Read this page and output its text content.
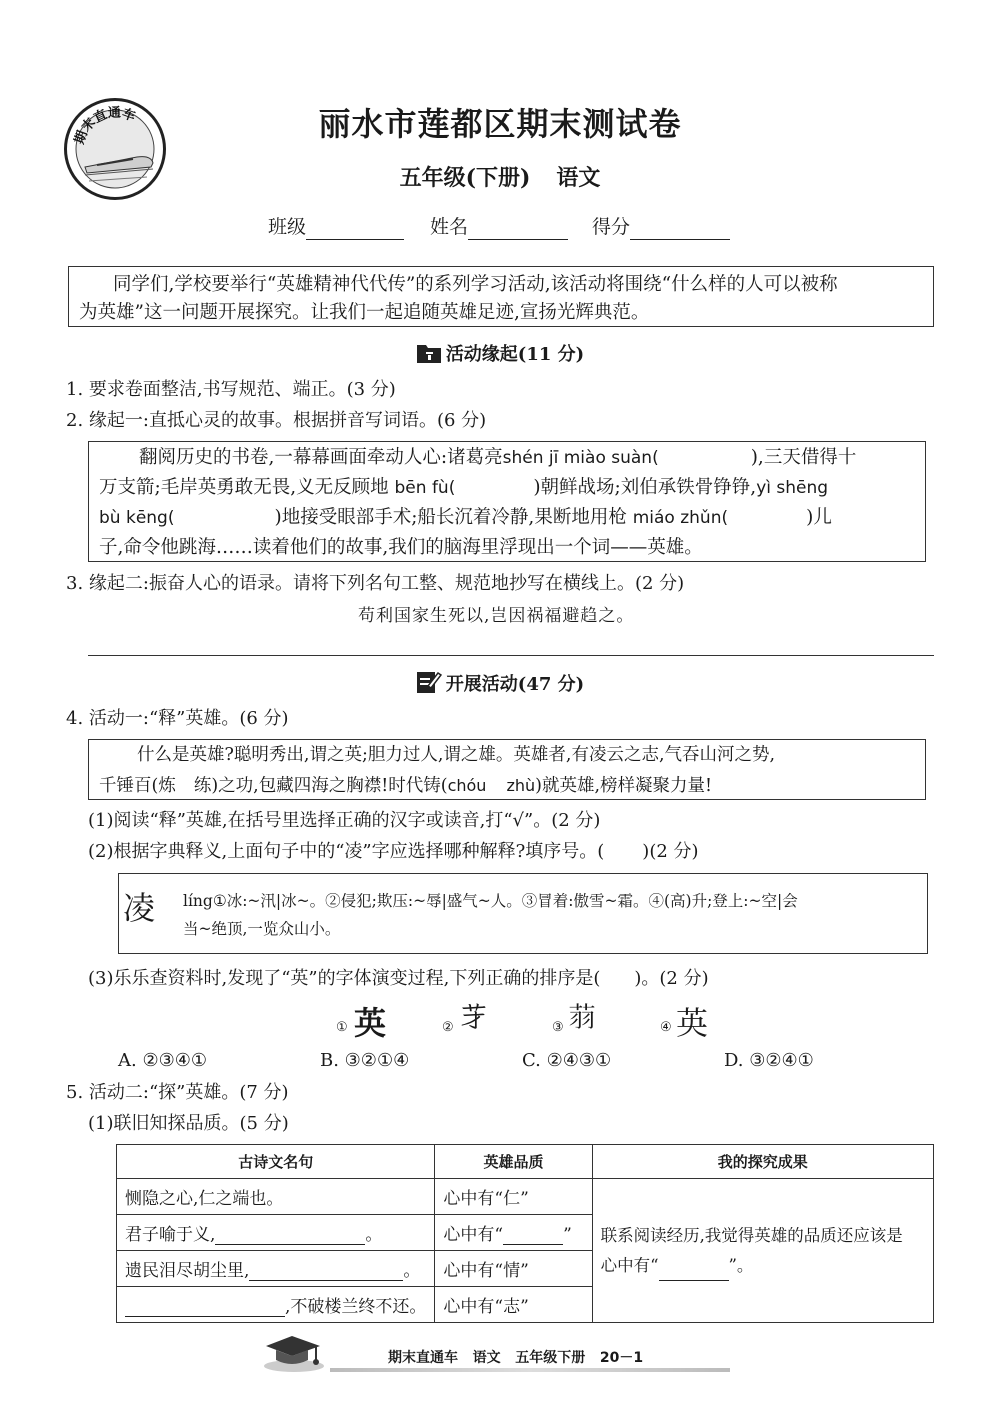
期末直通车	丽水市莲都区期末测试卷
五年级(下册) 语文
班级	姓名	得分
同学们,学校要举行“英雄精神代代传”的系列学习活动,该活动将围绕“什么样的人可以被称
为英雄”这一问题开展探究。让我们一起追随英雄足迹,宣扬光辉典范。
活动缘起(11 分)
1. 要求卷面整洁,书写规范、端正。(3 分)
2. 缘起一:直抵心灵的故事。根据拼音写词语。(6 分)
翻阅历史的书卷,一幕幕画面牵动人心:诸葛亮shén jī miào suàn(	),三天借得十
万支箭;毛岸英勇敢无畏,义无反顾地 bēn fù(	)朝鲜战场;刘伯承铁骨铮铮,yì shēng
bù kēng(	)地接受眼部手术;船长沉着冷静,果断地用枪 miáo zhǔn(	)儿
子,命令他跳海……读着他们的故事,我们的脑海里浮现出一个词——英雄。
3. 缘起二:振奋人心的语录。请将下列名句工整、规范地抄写在横线上。(2 分)
苟利国家生死以,岂因祸福避趋之。
开展活动(47 分)
4. 活动一:“释”英雄。(6 分)
什么是英雄?聪明秀出,谓之英;胆力过人,谓之雄。英雄者,有凌云之志,气吞山河之势,
千锤百(炼 练)之功,包藏四海之胸襟!时代铸(chóu zhù)就英雄,榜样凝聚力量!
(1)阅读“释”英雄,在括号里选择正确的汉字或读音,打“√”。(2 分)
(2)根据字典释义,上面句子中的“凌”字应选择哪种解释?填序号。( )(2 分)
凌 líng①冰:~汛|冰~。②侵犯;欺压:~辱|盛气~人。③冒着:傲雪~霜。④(高)升;登上:~空|会
当~绝顶,一览众山小。
(3)乐乐查资料时,发现了“英”的字体演变过程,下列正确的排序是( )。(2 分)
① 英	② 𦬁	③ 𦭳	④ 英
A. ②③④①	B. ③②①④	C. ②④③①	D. ③②④①
5. 活动二:“探”英雄。(7 分)
(1)联旧知探品质。(5 分)
古诗文名句	英雄品质	我的探究成果
恻隐之心,仁之端也。	心中有“仁”	联系阅读经历,我觉得英雄的品质还应该是
心中有“ ”。

君子喻于义, 。	心中有“ ”	
遗民泪尽胡尘里, 。	心中有“情”	
,不破楼兰终不还。	心中有“志”	
期末直通车 语文 五年级下册 20－1
